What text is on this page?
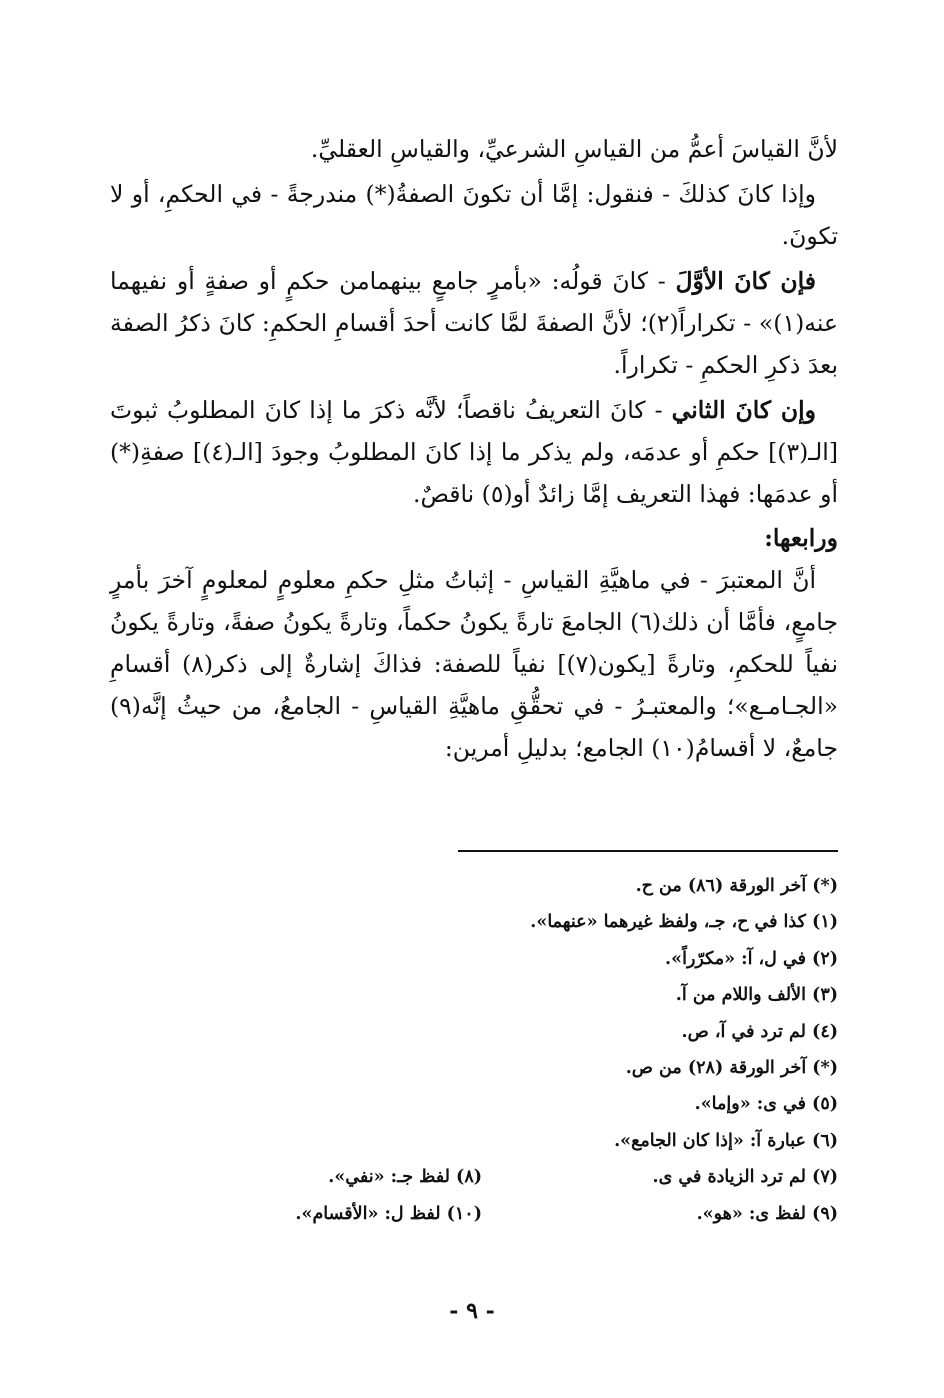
لأنَّ القياسَ أعمُّ من القياسِ الشرعيِّ، والقياسِ العقليِّ.

وإذا كانَ كذلكَ - فنقول: إمَّا أن تكونَ الصفةُ(*) مندرجةً - في الحكمِ، أو لا تكونَ.

فإن كانَ الأوَّلَ - كانَ قولُه: «بأمرٍ جامعٍ بينهمامن حكمٍ أو صفةٍ أو نفيهما عنه(١)» - تكراراً(٢)؛ لأنَّ الصفةَ لمَّا كانت أحدَ أقسامِ الحكمِ: كانَ ذكرُ الصفة بعدَ ذكرِ الحكمِ - تكراراً.

وإن كانَ الثاني - كانَ التعريفُ ناقصاً؛ لأنَّه ذكرَ ما إذا كانَ المطلوبُ ثبوتَ [الـ(٣)] حكمِ أو عدمَه، ولم يذكر ما إذا كانَ المطلوبُ وجودَ [الـ(٤)] صفةِ(*) أو عدمَها: فهذا التعريف إمَّا زائدٌ أو(٥) ناقصٌ.

ورابعها:

أنَّ المعتبرَ - في ماهيَّةِ القياسِ - إثباتُ مثلِ حكمِ معلومٍ لمعلومٍ آخرَ بأمرٍ جامعٍ، فأمَّا أن ذلك(٦) الجامعَ تارةً يكونُ حكماً، وتارةً يكونُ صفةً، وتارةً يكونُ نفياً للحكمِ، وتارةً [يكون(٧)] نفياً للصفة: فذاكَ إشارةٌ إلى ذكر(٨) أقسامِ «الجـامـع»؛ والمعتبـرُ - في تحقُّقِ ماهيَّةِ القياسِ - الجامعُ، من حيثُ إنَّه(٩) جامعٌ، لا أقسامُ(١٠) الجامع؛ بدليلِ أمرين:

(*) آخر الورقة (٨٦) من ح.

(١) كذا في ح، جـ، ولفظ غيرهما «عنهما».

(٢) في ل، آ: «مكرّراً».

(٣) الألف واللام من آ.

(٤) لم ترد في آ، ص.

(*) آخر الورقة (٢٨) من ص.

(٥) في ى: «وإما».

(٦) عبارة آ: «إذا كان الجامع».

(٧) لم ترد الزيادة في ى.
(٨) لفظ جـ: «نفي».
(٩) لفظ ى: «هو».
(١٠) لفظ ل: «الأقسام».
- ٩ -
